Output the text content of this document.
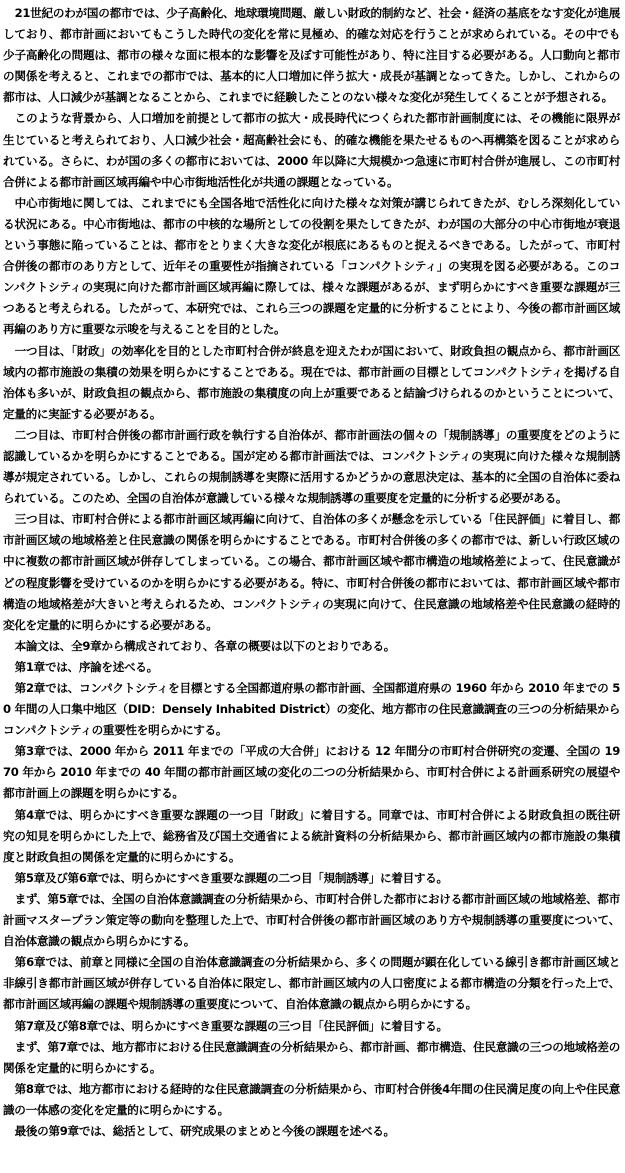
21世紀のわが国の都市では、少子高齢化、地球環境問題、厳しい財政的制約など、社会・経済の基底をなす変化が進展しており、都市計画においてもこうした時代の変化を常に見極め、的確な対応を行うことが求められている。その中でも少子高齢化の問題は、都市の様々な面に根本的な影響を及ぼす可能性があり、特に注目する必要がある。人口動向と都市の関係を考えると、これまでの都市では、基本的に人口増加に伴う拡大・成長が基調となってきた。しかし、これからの都市は、人口減少が基調となることから、これまでに経験したことのない様々な変化が発生してくることが予想される。

このような背景から、人口増加を前提として都市の拡大・成長時代につくられた都市計画制度には、その機能に限界が生じていると考えられており、人口減少社会・超高齢社会にも、的確な機能を果たせるものへ再構築を図ることが求められている。さらに、わが国の多くの都市においては、2000 年以降に大規模かつ急速に市町村合併が進展し、この市町村合併による都市計画区域再編や中心市街地活性化が共通の課題となっている。

中心市街地に関しては、これまでにも全国各地で活性化に向けた様々な対策が講じられてきたが、むしろ深刻化している状況にある。中心市街地は、都市の中核的な場所としての役割を果たしてきたが、わが国の大部分の中心市街地が衰退という事態に陥っていることは、都市をとりまく大きな変化が根底にあるものと捉えるべきである。したがって、市町村合併後の都市のあり方として、近年その重要性が指摘されている「コンパクトシティ」の実現を図る必要がある。このコンパクトシティの実現に向けた都市計画区域再編に際しては、様々な課題があるが、まず明らかにすべき重要な課題が三つあると考えられる。したがって、本研究では、これら三つの課題を定量的に分析することにより、今後の都市計画区域再編のあり方に重要な示唆を与えることを目的とした。

一つ目は、「財政」の効率化を目的とした市町村合併が終息を迎えたわが国において、財政負担の観点から、都市計画区域内の都市施設の集積の効果を明らかにすることである。現在では、都市計画の目標としてコンパクトシティを掲げる自治体も多いが、財政負担の観点から、都市施設の集積度の向上が重要であると結論づけられるのかということについて、定量的に実証する必要がある。

二つ目は、市町村合併後の都市計画行政を執行する自治体が、都市計画法の個々の「規制誘導」の重要度をどのように認識しているかを明らかにすることである。国が定める都市計画法では、コンパクトシティの実現に向けた様々な規制誘導が規定されている。しかし、これらの規制誘導を実際に活用するかどうかの意思決定は、基本的に全国の自治体に委ねられている。このため、全国の自治体が意識している様々な規制誘導の重要度を定量的に分析する必要がある。

三つ目は、市町村合併による都市計画区域再編に向けて、自治体の多くが懸念を示している「住民評価」に着目し、都市計画区域の地域格差と住民意識の関係を明らかにすることである。市町村合併後の多くの都市では、新しい行政区域の中に複数の都市計画区域が併存してしまっている。この場合、都市計画区域や都市構造の地域格差によって、住民意識がどの程度影響を受けているのかを明らかにする必要がある。特に、市町村合併後の都市においては、都市計画区域や都市構造の地域格差が大きいと考えられるため、コンパクトシティの実現に向けて、住民意識の地域格差や住民意識の経時的変化を定量的に明らかにする必要がある。

本論文は、全9章から構成されており、各章の概要は以下のとおりである。

第1章では、序論を述べる。

第2章では、コンパクトシティを目標とする全国都道府県の都市計画、全国都道府県の 1960 年から 2010 年までの 50 年間の人口集中地区（DID：Densely Inhabited District）の変化、地方都市の住民意識調査の三つの分析結果からコンパクトシティの重要性を明らかにする。

第3章では、2000 年から 2011 年までの「平成の大合併」における 12 年間分の市町村合併研究の変遷、全国の 1970 年から 2010 年までの 40 年間の都市計画区域の変化の二つの分析結果から、市町村合併による計画系研究の展望や都市計画上の課題を明らかにする。

第4章では、明らかにすべき重要な課題の一つ目「財政」に着目する。同章では、市町村合併による財政負担の既往研究の知見を明らかにした上で、総務省及び国土交通省による統計資料の分析結果から、都市計画区域内の都市施設の集積度と財政負担の関係を定量的に明らかにする。

第5章及び第6章では、明らかにすべき重要な課題の二つ目「規制誘導」に着目する。

まず、第5章では、全国の自治体意識調査の分析結果から、市町村合併した都市における都市計画区域の地域格差、都市計画マスタープラン策定等の動向を整理した上で、市町村合併後の都市計画区域のあり方や規制誘導の重要度について、自治体意識の観点から明らかにする。

第6章では、前章と同様に全国の自治体意識調査の分析結果から、多くの問題が顕在化している線引き都市計画区域と非線引き都市計画区域が併存している自治体に限定し、都市計画区域内の人口密度による都市構造の分類を行った上で、都市計画区域再編の課題や規制誘導の重要度について、自治体意識の観点から明らかにする。

第7章及び第8章では、明らかにすべき重要な課題の三つ目「住民評価」に着目する。

まず、第7章では、地方都市における住民意識調査の分析結果から、都市計画、都市構造、住民意識の三つの地域格差の関係を定量的に明らかにする。

第8章では、地方都市における経時的な住民意識調査の分析結果から、市町村合併後4年間の住民満足度の向上や住民意識の一体感の変化を定量的に明らかにする。

最後の第9章では、総括として、研究成果のまとめと今後の課題を述べる。
